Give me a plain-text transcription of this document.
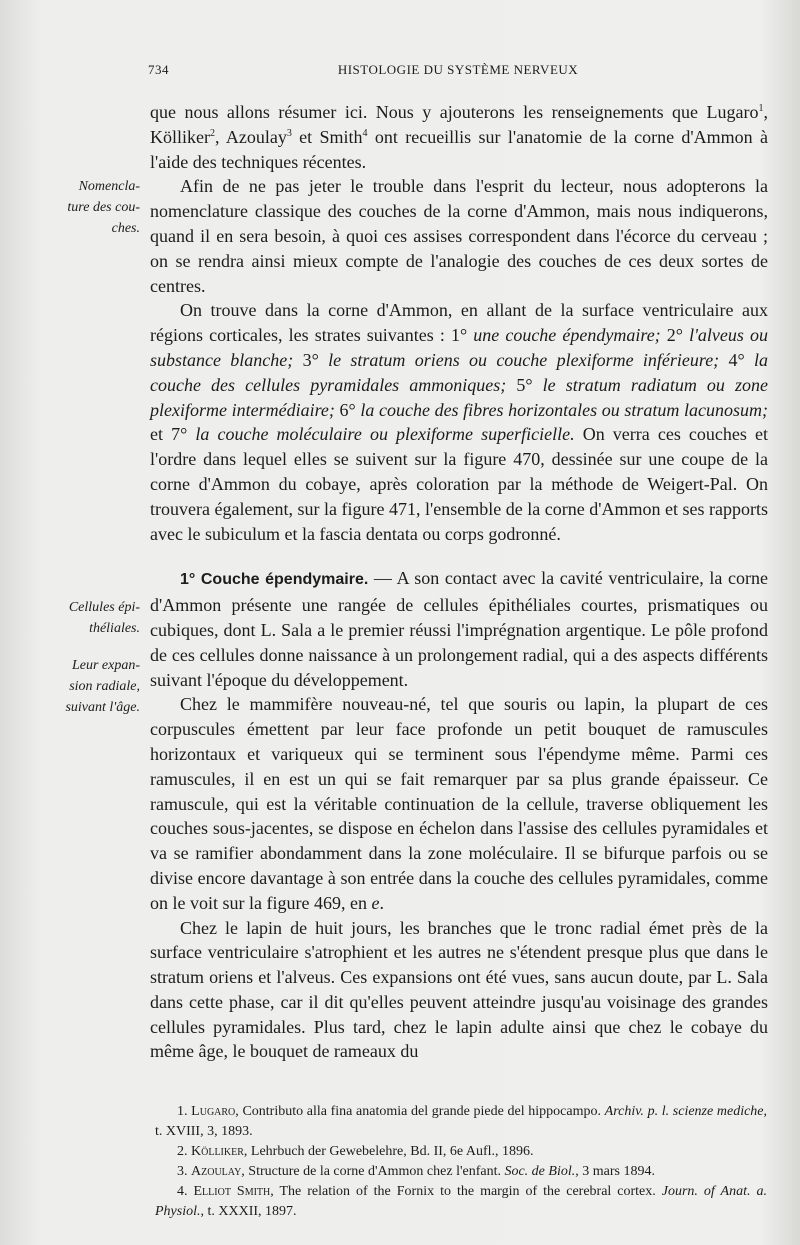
734	HISTOLOGIE DU SYSTÈME NERVEUX
Nomencla-
ture des cou-
ches.
Cellules épi-
théliales.
Leur expan-
sion radiale,
suivant l'âge.

que nous allons résumer ici. Nous y ajouterons les renseignements que Lugaro$^1$, Kölliker$^2$, Azoulay$^3$ et Smith$^4$ ont recueillis sur l'anatomie de la corne d'Ammon à l'aide des techniques récentes.

Afin de ne pas jeter le trouble dans l'esprit du lecteur, nous adopterons la nomenclature classique des couches de la corne d'Ammon, mais nous indiquerons, quand il en sera besoin, à quoi ces assises correspondent dans l'écorce du cerveau ; on se rendra ainsi mieux compte de l'analogie des couches de ces deux sortes de centres.

On trouve dans la corne d'Ammon, en allant de la surface ventriculaire aux régions corticales, les strates suivantes : 1° une couche épendymaire; 2° l'alveus ou substance blanche; 3° le stratum oriens ou couche plexiforme inférieure; 4° la couche des cellules pyramidales ammoniques; 5° le stratum radiatum ou zone plexiforme intermédiaire; 6° la couche des fibres horizontales ou stratum lacunosum; et 7° la couche moléculaire ou plexiforme superficielle. On verra ces couches et l'ordre dans lequel elles se suivent sur la figure 470, dessinée sur une coupe de la corne d'Ammon du cobaye, après coloration par la méthode de Weigert-Pal. On trouvera également, sur la figure 471, l'ensemble de la corne d'Ammon et ses rapports avec le subiculum et la fascia dentata ou corps godronné.

1° Couche épendymaire. — A son contact avec la cavité ventriculaire, la corne d'Ammon présente une rangée de cellules épithéliales courtes, prismatiques ou cubiques, dont L. Sala a le premier réussi l'imprégnation argentique. Le pôle profond de ces cellules donne naissance à un prolongement radial, qui a des aspects différents suivant l'époque du développement.

Chez le mammifère nouveau-né, tel que souris ou lapin, la plupart de ces corpuscules émettent par leur face profonde un petit bouquet de ramuscules horizontaux et variqueux qui se terminent sous l'épendyme même. Parmi ces ramuscules, il en est un qui se fait remarquer par sa plus grande épaisseur. Ce ramuscule, qui est la véritable continuation de la cellule, traverse obliquement les couches sous-jacentes, se dispose en échelon dans l'assise des cellules pyramidales et va se ramifier abondamment dans la zone moléculaire. Il se bifurque parfois ou se divise encore davantage à son entrée dans la couche des cellules pyramidales, comme on le voit sur la figure 469, en e.

Chez le lapin de huit jours, les branches que le tronc radial émet près de la surface ventriculaire s'atrophient et les autres ne s'étendent presque plus que dans le stratum oriens et l'alveus. Ces expansions ont été vues, sans aucun doute, par L. Sala dans cette phase, car il dit qu'elles peuvent atteindre jusqu'au voisinage des grandes cellules pyramidales. Plus tard, chez le lapin adulte ainsi que chez le cobaye du même âge, le bouquet de rameaux du

1. Lugaro, Contributo alla fina anatomia del grande piede del hippocampo. Archiv. p. l. scienze mediche, t. XVIII, 3, 1893.

2. Kölliker, Lehrbuch der Gewebelehre, Bd. II, 6e Aufl., 1896.

3. Azoulay, Structure de la corne d'Ammon chez l'enfant. Soc. de Biol., 3 mars 1894.

4. Elliot Smith, The relation of the Fornix to the margin of the cerebral cortex. Journ. of Anat. a. Physiol., t. XXXII, 1897.
